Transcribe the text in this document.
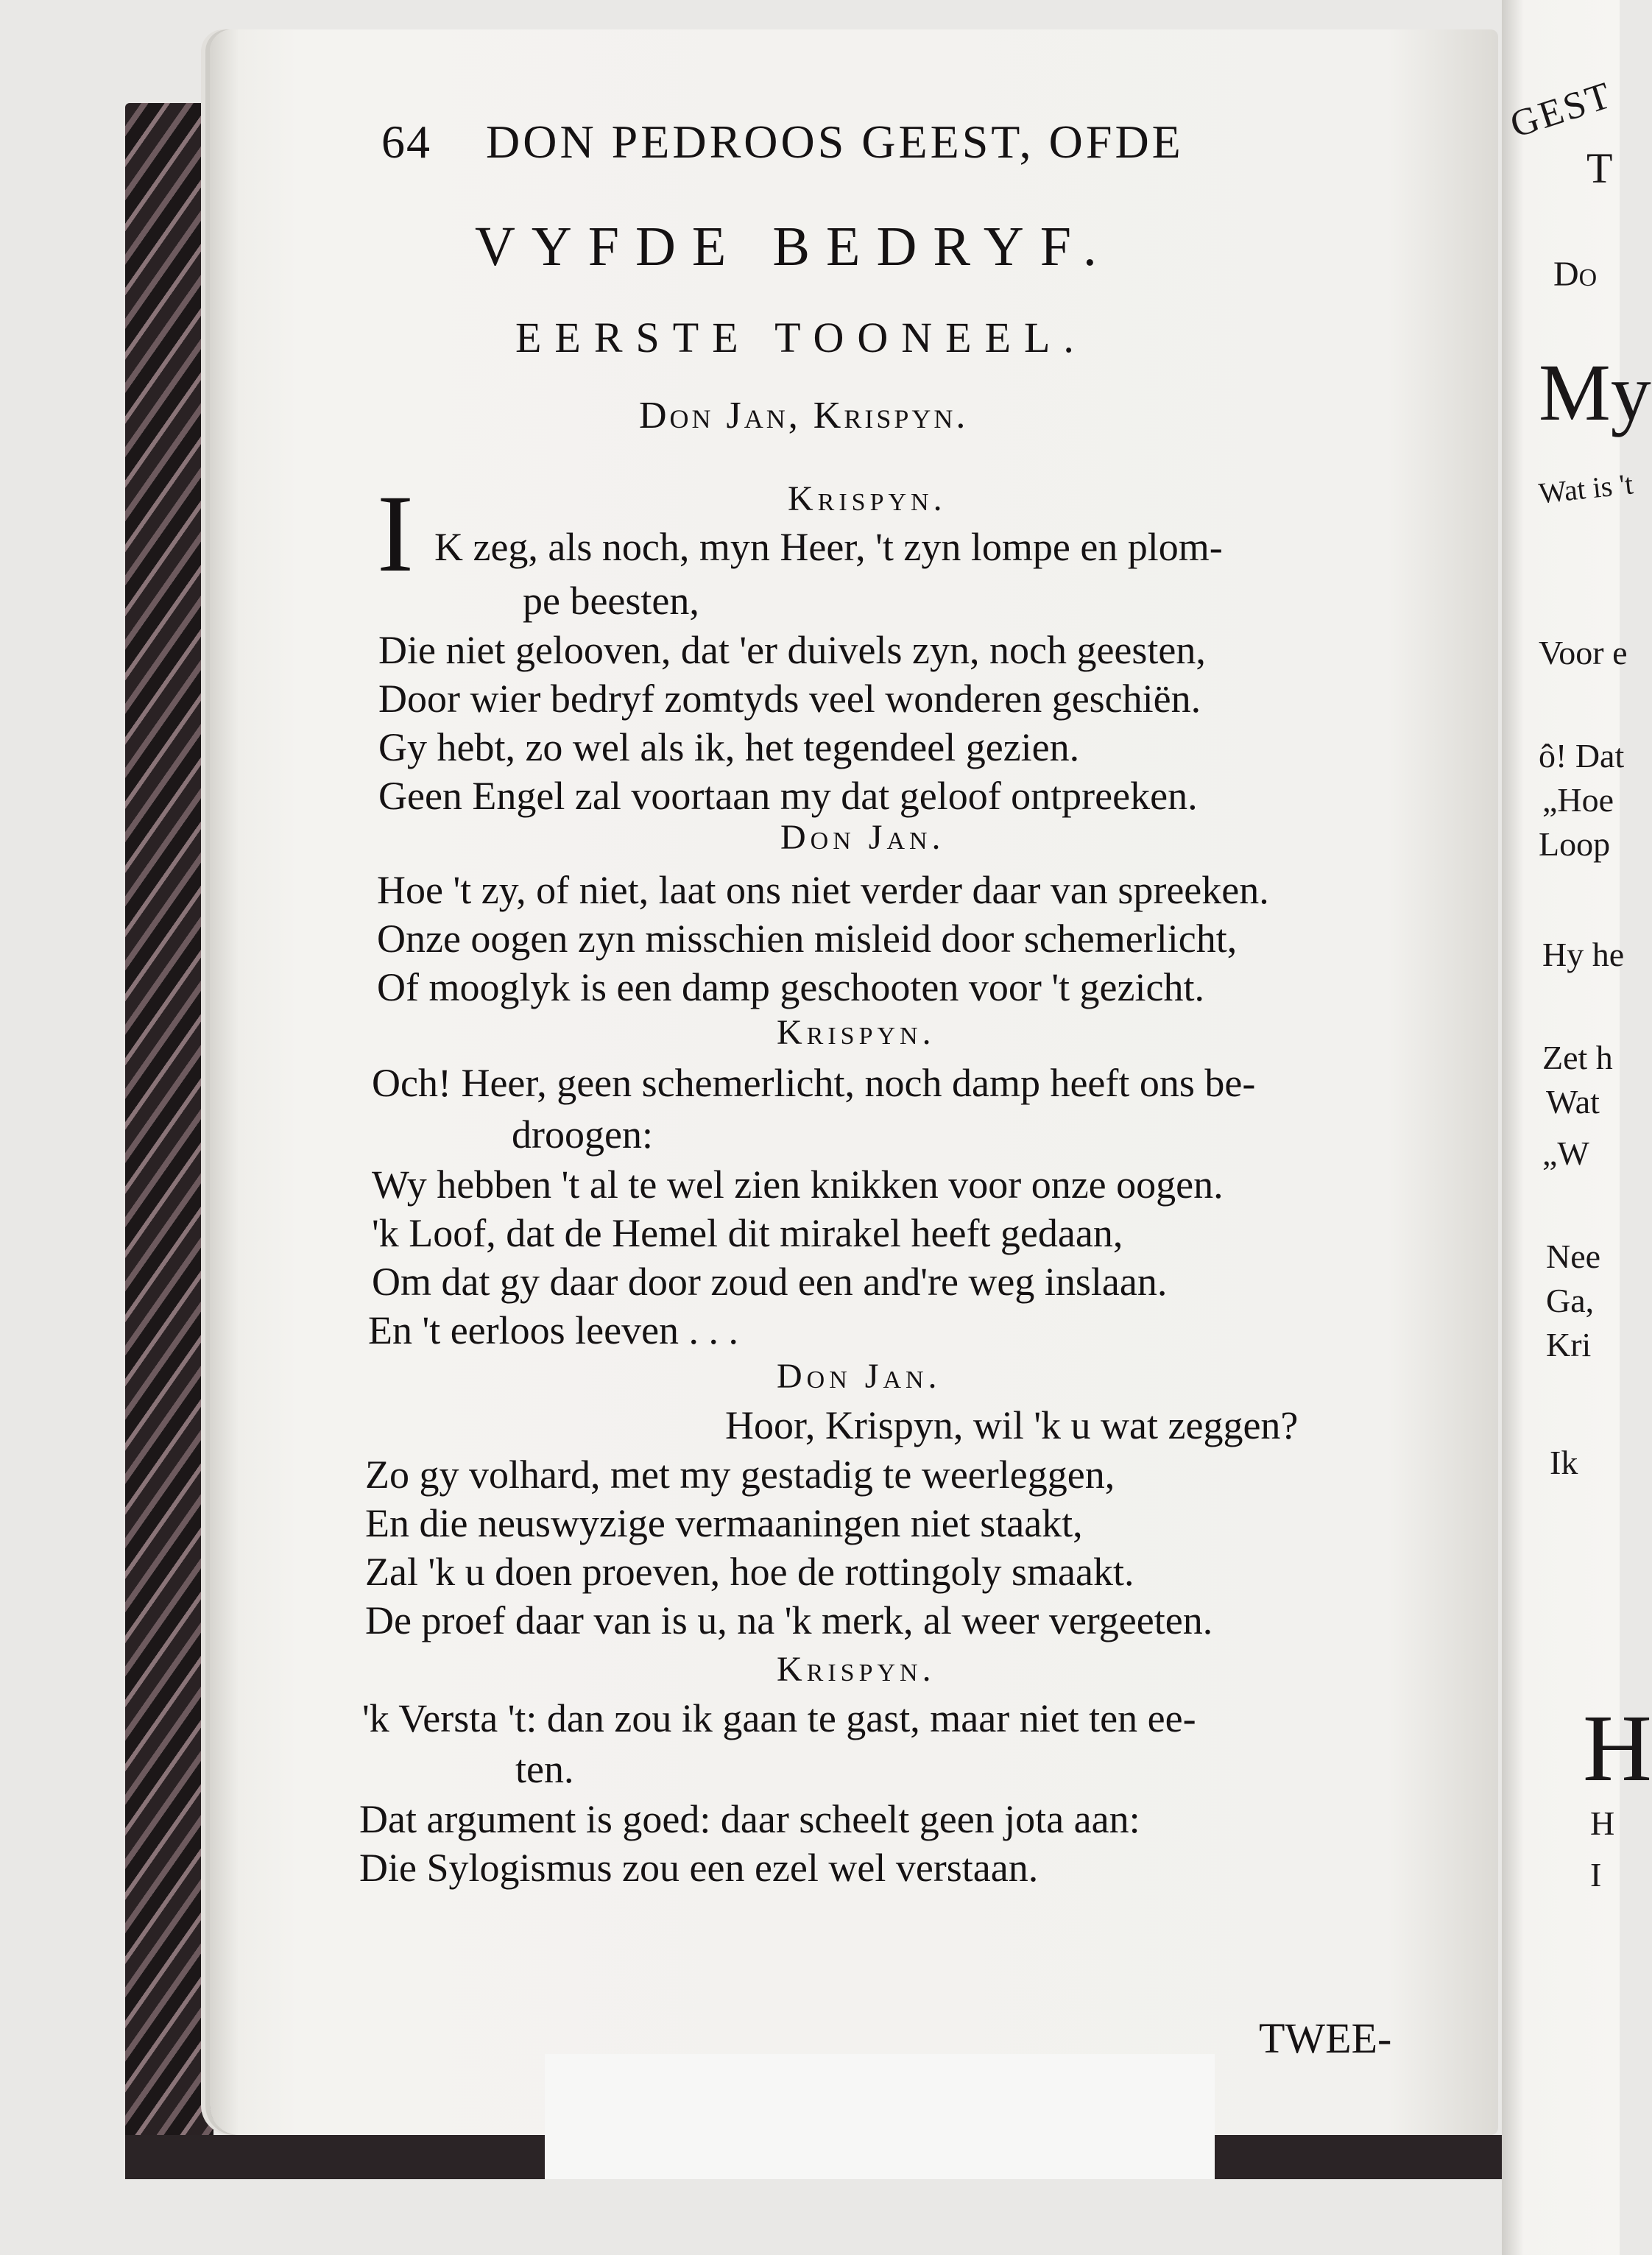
GEST
T
Do
My
Wat is 't
Voor e
ô! Dat
„Hoe
Loop
Hy he
Zet h
Wat
„W
Nee
Ga,
Kri
Ik
H
H
I
64 DON PEDROOS GEEST, OFDE
VYFDE BEDRYF.
EERSTE TOONEEL.
Don Jan, Krispyn.
Krispyn.
I K zeg, als noch, myn Heer, 't zyn lompe en plom-
pe beesten,
Die niet gelooven, dat 'er duivels zyn, noch geesten,
Door wier bedryf zomtyds veel wonderen geschiën.
Gy hebt, zo wel als ik, het tegendeel gezien.
Geen Engel zal voortaan my dat geloof ontpreeken.
Don Jan.
Hoe 't zy, of niet, laat ons niet verder daar van spreeken.
Onze oogen zyn misschien misleid door schemerlicht,
Of mooglyk is een damp geschooten voor 't gezicht.
Krispyn.
Och! Heer, geen schemerlicht, noch damp heeft ons be-
droogen:
Wy hebben 't al te wel zien knikken voor onze oogen.
'k Loof, dat de Hemel dit mirakel heeft gedaan,
Om dat gy daar door zoud een and're weg inslaan.
En 't eerloos leeven . . .
Don Jan.
Hoor, Krispyn, wil 'k u wat zeggen?
Zo gy volhard, met my gestadig te weerleggen,
En die neuswyzige vermaaningen niet staakt,
Zal 'k u doen proeven, hoe de rottingoly smaakt.
De proef daar van is u, na 'k merk, al weer vergeeten.
Krispyn.
'k Versta 't: dan zou ik gaan te gast, maar niet ten ee-
ten.
Dat argument is goed: daar scheelt geen jota aan:
Die Sylogismus zou een ezel wel verstaan.
TWEE-
